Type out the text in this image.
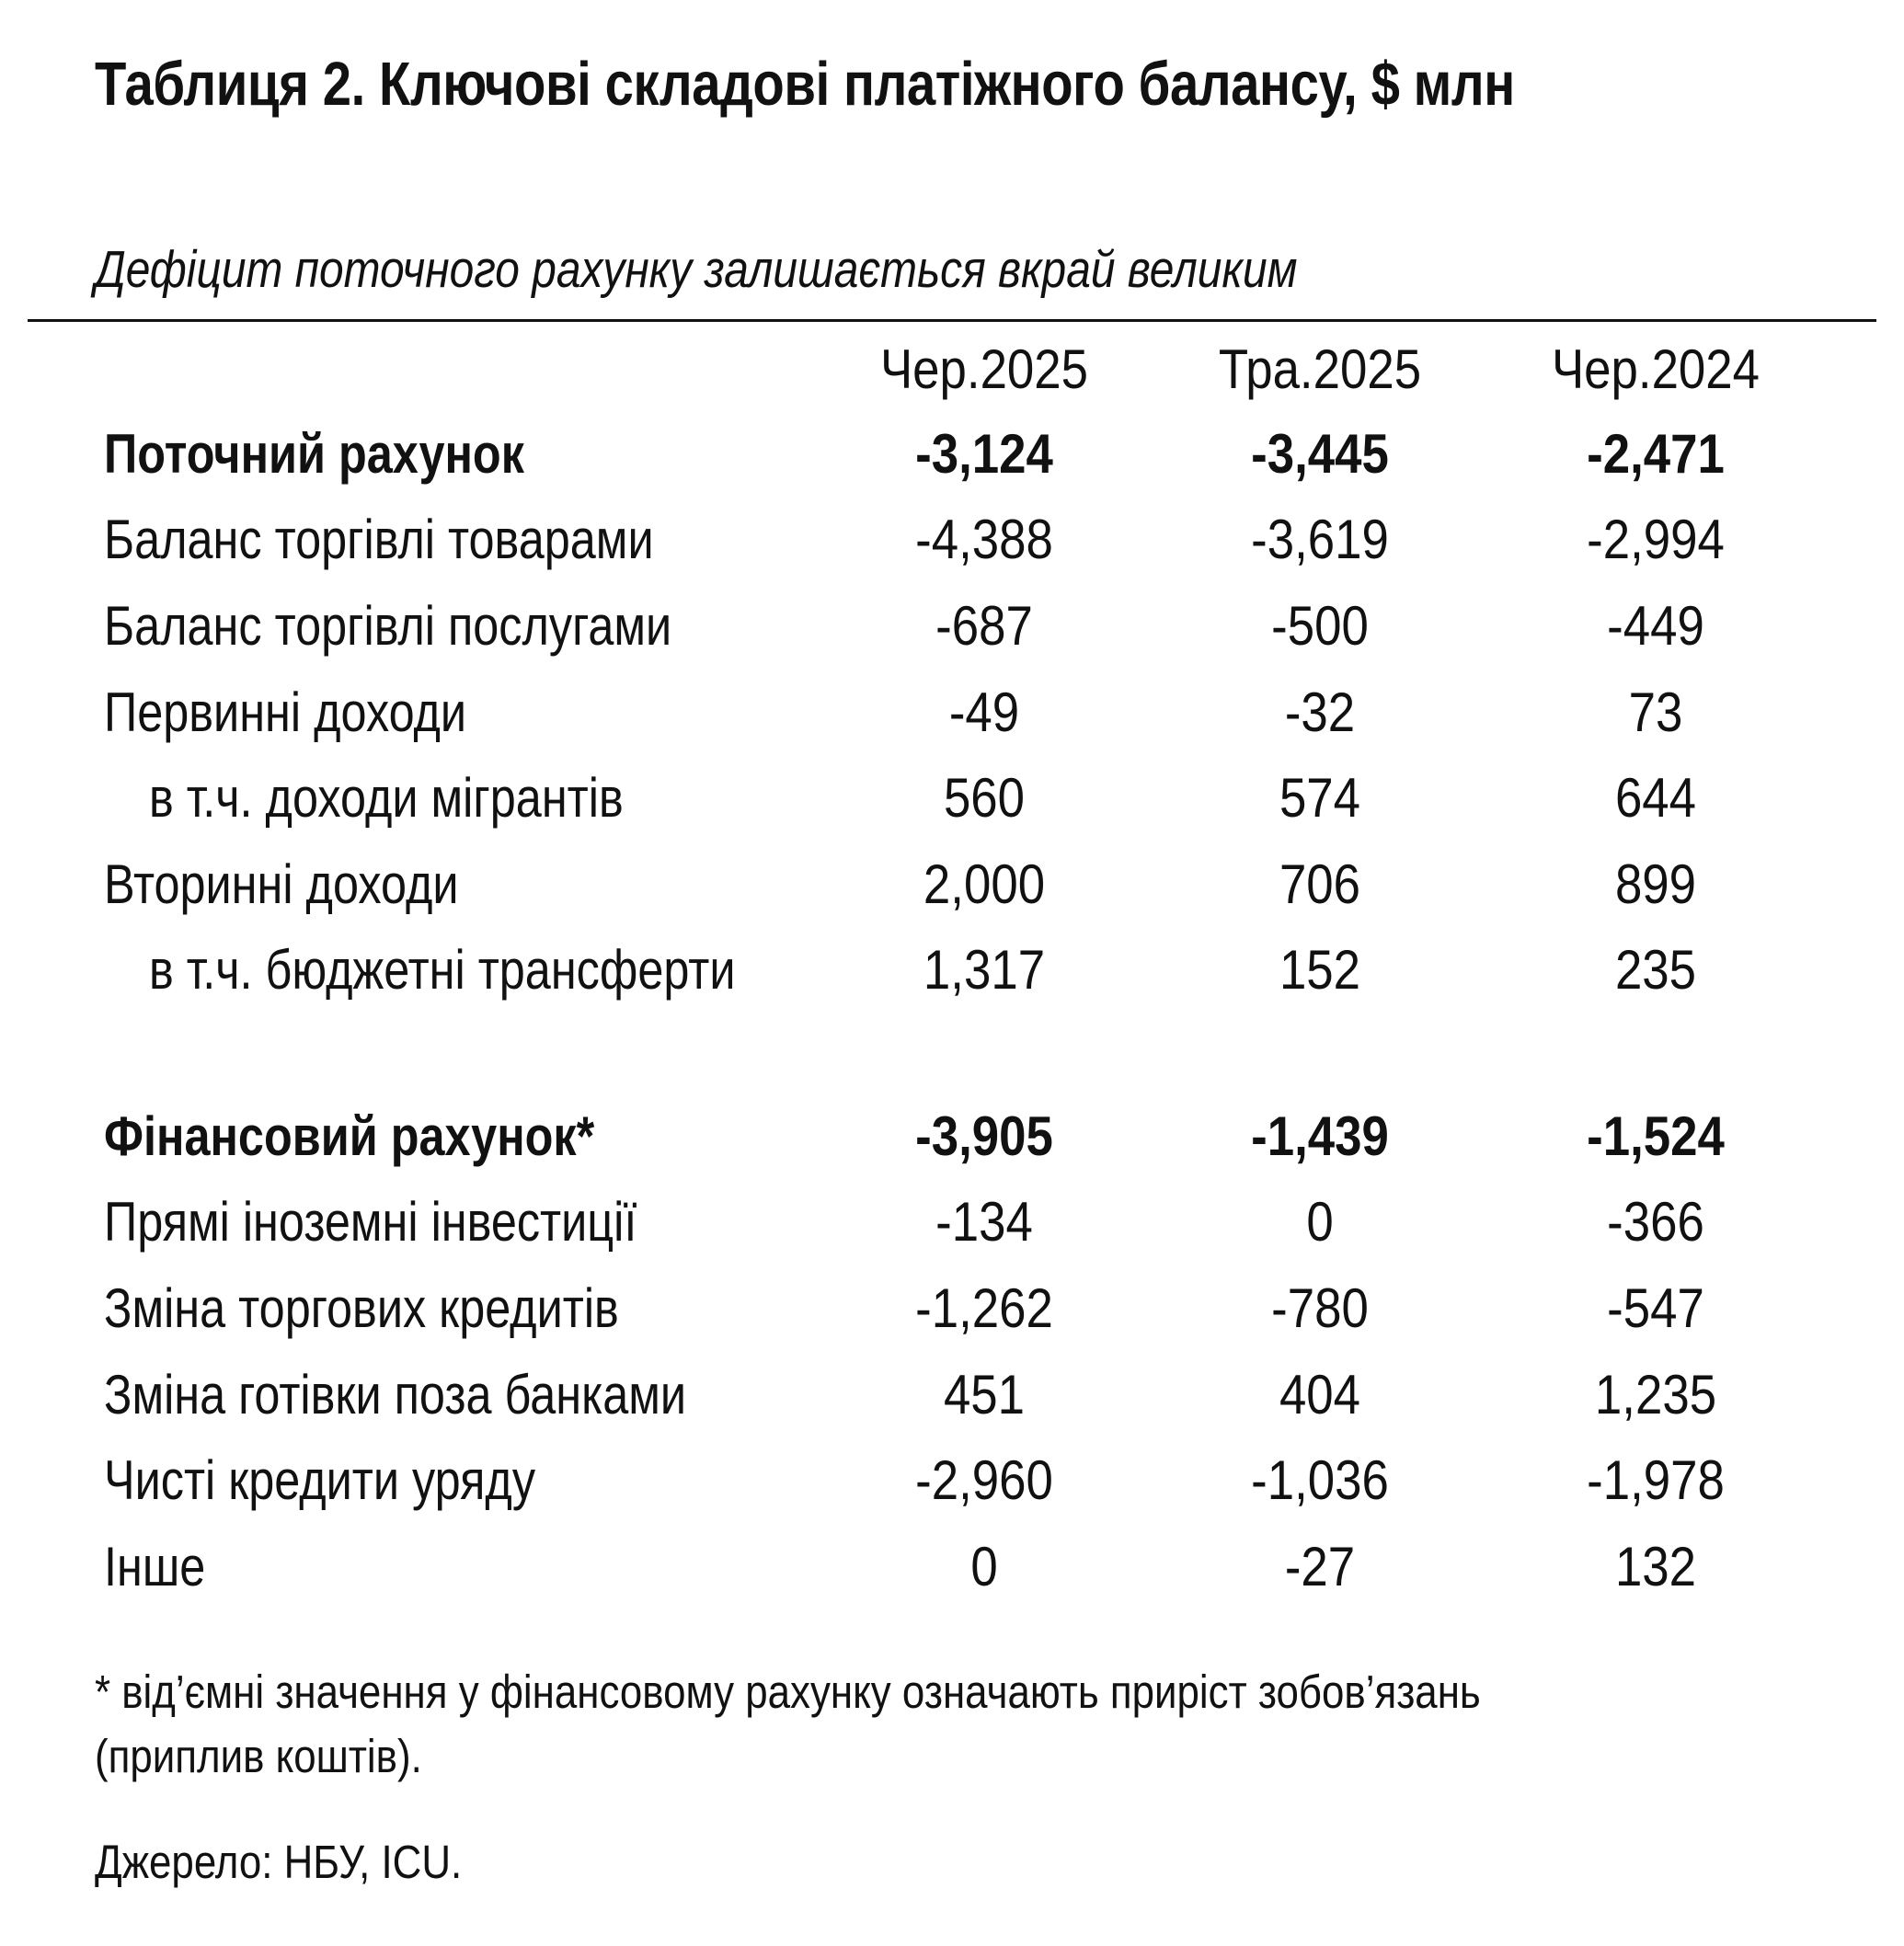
Таблиця 2. Ключові складові платіжного балансу, $ млн
Дефіцит поточного рахунку залишається вкрай великим
Чер.2025 Тра.2025 Чер.2024
Поточний рахунок	-3,124	-3,445	-2,471
Баланс торгівлі товарами	-4,388	-3,619	-2,994
Баланс торгівлі послугами	-687	-500	-449
Первинні доходи	-49	-32	73
в т.ч. доходи мігрантів	560	574	644
Вторинні доходи	2,000	706	899
в т.ч. бюджетні трансферти	1,317	152	235
Фінансовий рахунок*	-3,905	-1,439	-1,524
Прямі іноземні інвестиції	-134	0	-366
Зміна торгових кредитів	-1,262	-780	-547
Зміна готівки поза банками	451	404	1,235
Чисті кредити уряду	-2,960	-1,036	-1,978
Інше	0	-27	132
* від’ємні значення у фінансовому рахунку означають приріст зобов’язань
(приплив коштів).
Джерело: НБУ, ICU.
